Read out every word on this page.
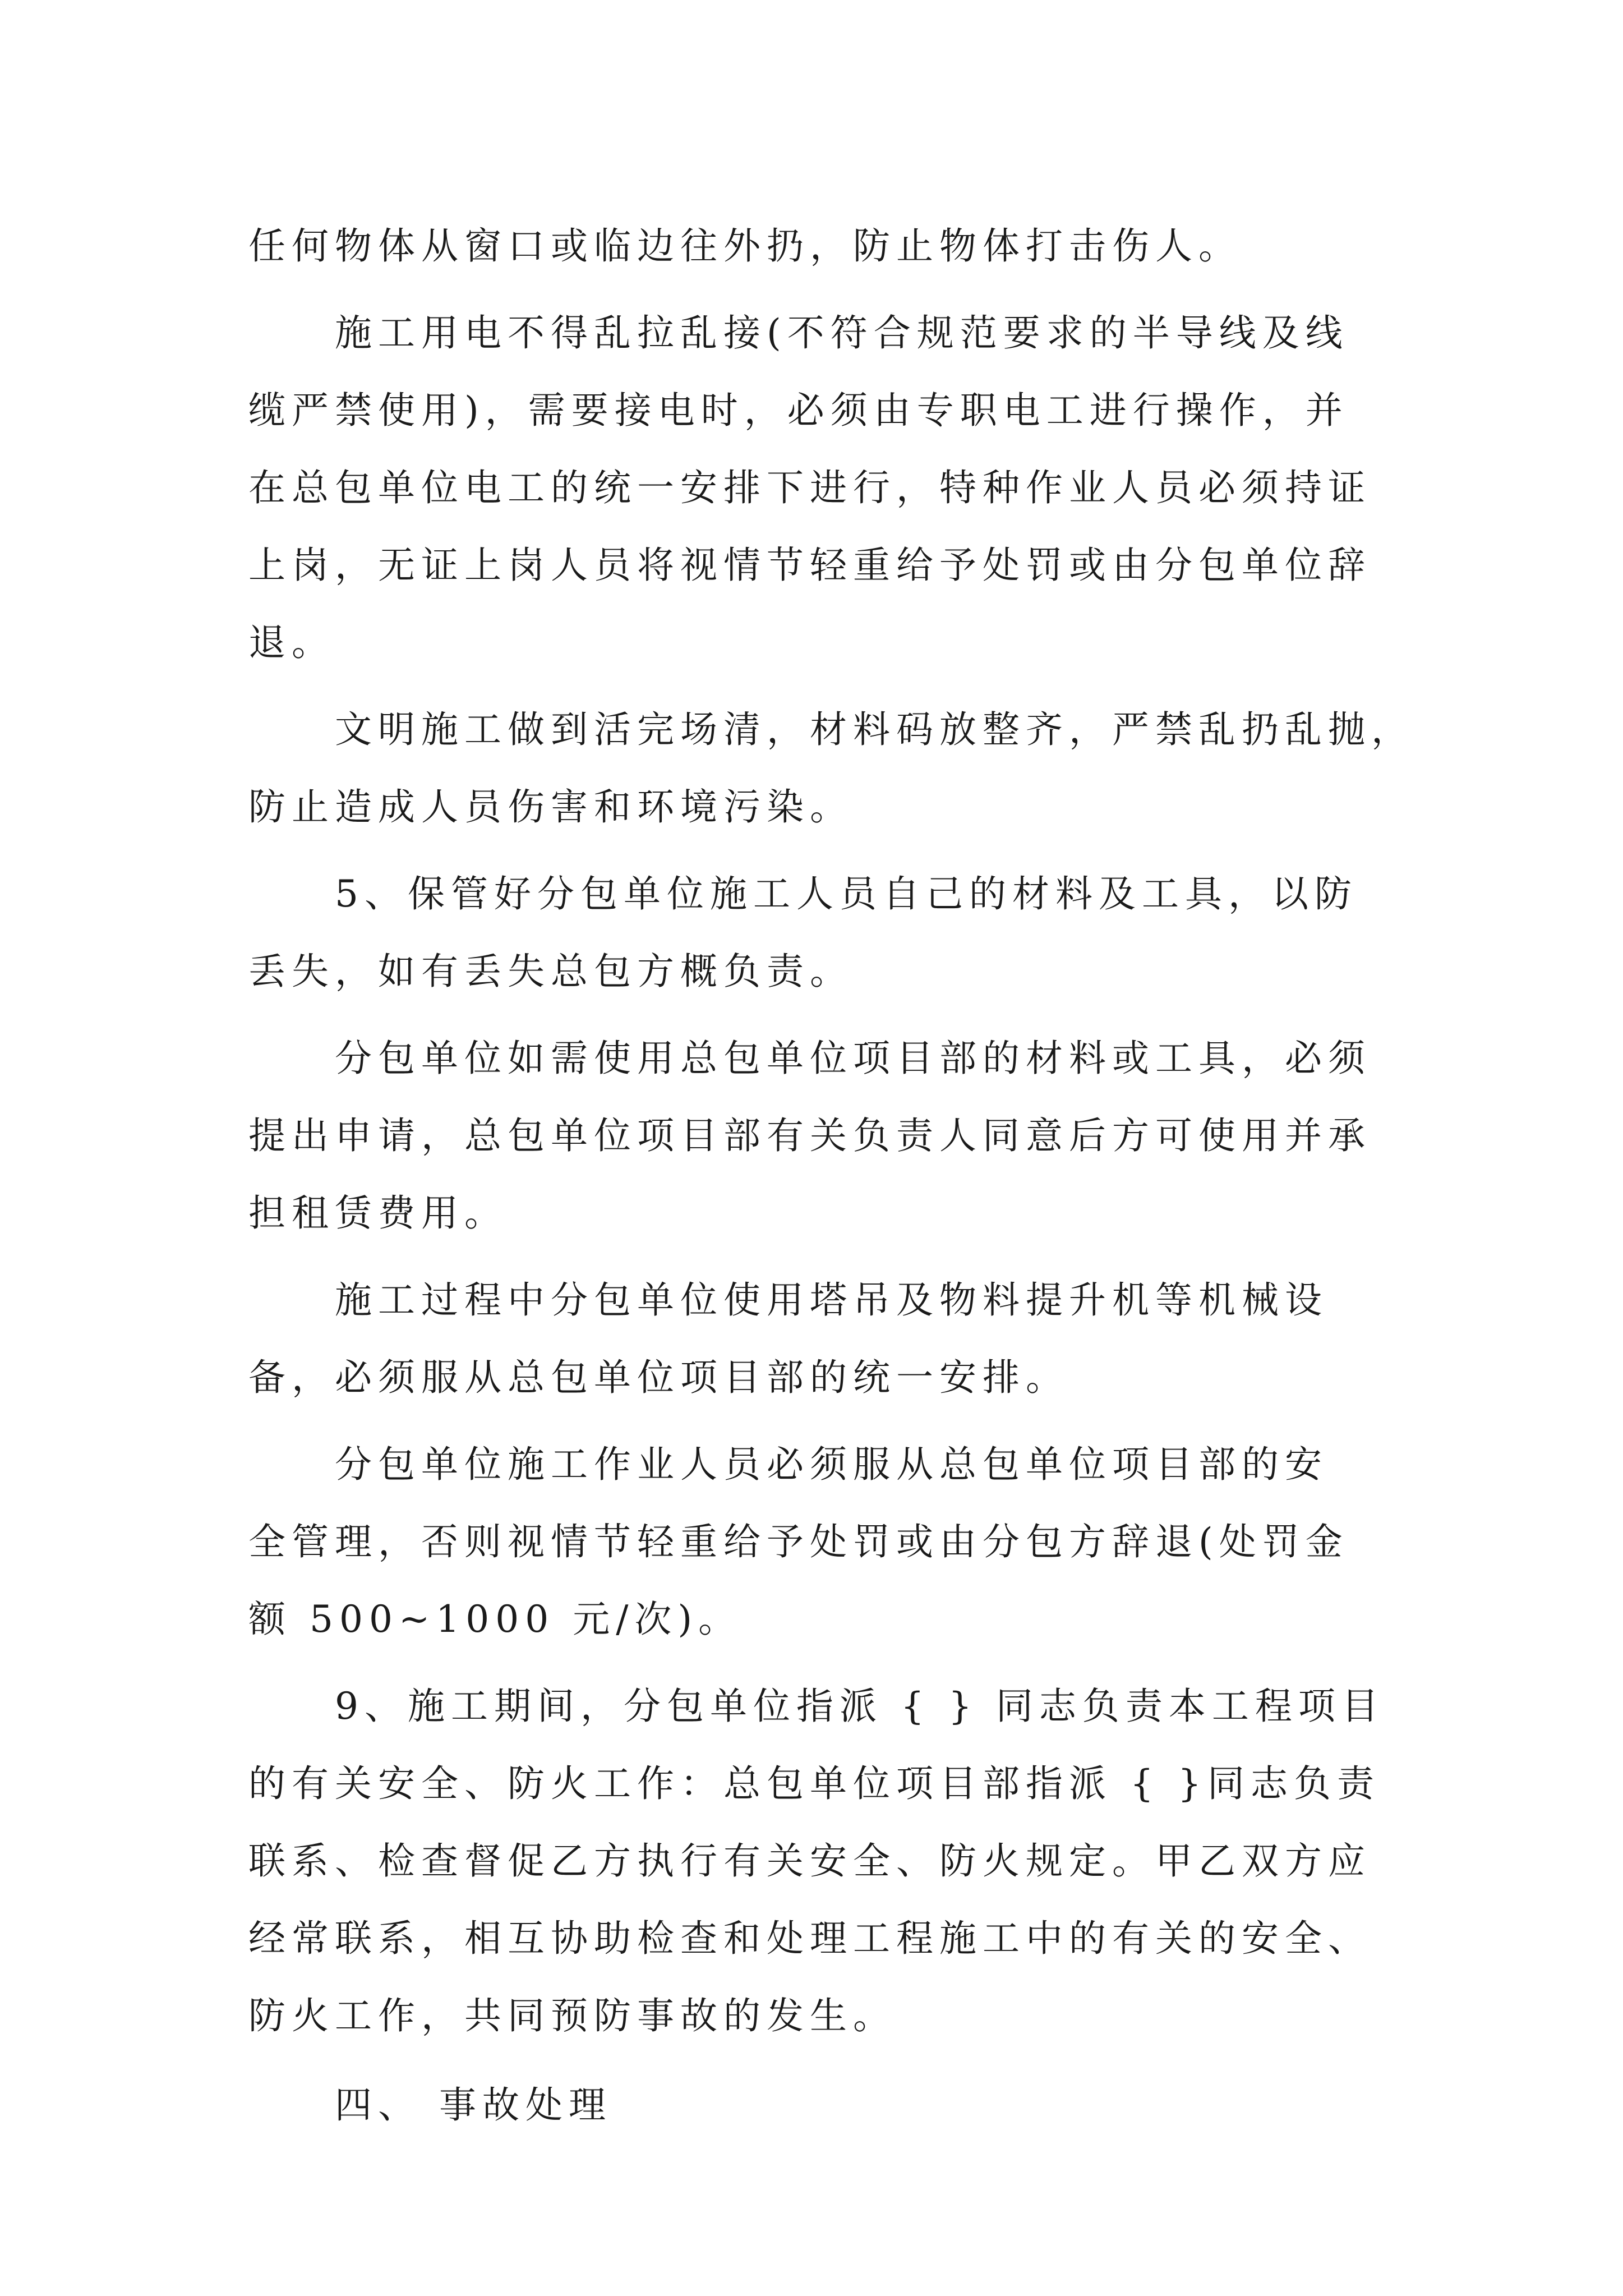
任何物体从窗口或临边往外扔，防止物体打击伤人。
　　施工用电不得乱拉乱接(不符合规范要求的半导线及线
缆严禁使用)，需要接电时，必须由专职电工进行操作，并
在总包单位电工的统一安排下进行，特种作业人员必须持证
上岗，无证上岗人员将视情节轻重给予处罚或由分包单位辞
退。
　　文明施工做到活完场清，材料码放整齐，严禁乱扔乱抛，
防止造成人员伤害和环境污染。
　　5、保管好分包单位施工人员自己的材料及工具，以防
丢失，如有丢失总包方概负责。
　　分包单位如需使用总包单位项目部的材料或工具，必须
提出申请，总包单位项目部有关负责人同意后方可使用并承
担租赁费用。
　　施工过程中分包单位使用塔吊及物料提升机等机械设
备，必须服从总包单位项目部的统一安排。
　　分包单位施工作业人员必须服从总包单位项目部的安
全管理，否则视情节轻重给予处罚或由分包方辞退(处罚金
额 500~1000 元/次)。
　　9、施工期间，分包单位指派 { } 同志负责本工程项目
的有关安全、防火工作：总包单位项目部指派 { }同志负责
联系、检查督促乙方执行有关安全、防火规定。甲乙双方应
经常联系，相互协助检查和处理工程施工中的有关的安全、
防火工作，共同预防事故的发生。
　　四、 事故处理
